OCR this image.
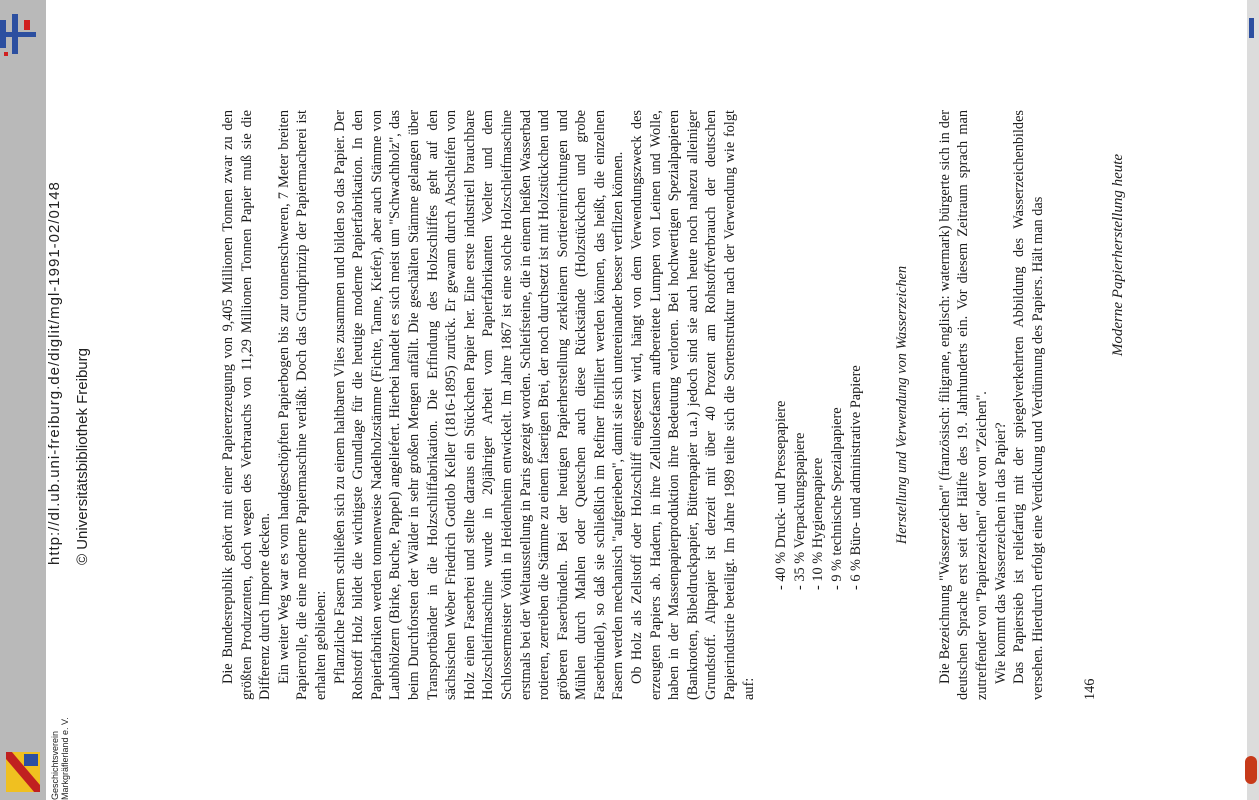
http://dl.ub.uni-freiburg.de/diglit/mgl-1991-02/0148 © Universitätsbibliothek Freiburg
Geschichtsverein Markgräflerland e. V.
Moderne Papierherstellung heute

Die Bundesrepublik gehört mit einer Papiererzeugung von 9,405 Millionen Tonnen zwar zu den größten Produzenten, doch wegen des Verbrauchs von 11,29 Millionen Tonnen Papier muß sie die Differenz durch Importe decken. Ein weiter Weg war es vom handgeschöpften Papierbogen bis zur tonnenschweren, 7 Meter breiten Papierrolle, die eine moderne Papiermaschine verläßt. Doch das Grundprinzip der Papiermacherei ist erhalten geblieben: Pflanzliche Fasern schließen sich zu einem haltbaren Vlies zusammen und bilden so das Papier. Der Rohstoff Holz bildet die wichtigste Grundlage für die heutige moderne Papierfabrikation. In den Papierfabriken werden tonnenweise Nadelholzstämme (Fichte, Tanne, Kiefer), aber auch Stämme von Laubhölzern (Birke, Buche, Pappel) angeliefert. Hierbei handelt es sich meist um "Schwachholz", das beim Durchforsten der Wälder in sehr großen Mengen anfällt. Die geschälten Stämme gelangen über Transportbänder in die Holzschliffabrikation. Die Erfindung des Holzschliffes geht auf den sächsischen Weber Friedrich Gottlob Keller (1816-1895) zurück. Er gewann durch Abschleifen von Holz einen Faserbrei und stellte daraus ein Stückchen Papier her. Eine erste industriell brauchbare Holzschleifmaschine wurde in 20jähriger Arbeit vom Papierfabrikanten Voelter und dem Schlossermeister Voith in Heidenheim entwickelt. Im Jahre 1867 ist eine solche Holzschleifmaschine erstmals bei der Weltausstellung in Paris gezeigt worden. Schleifsteine, die in einem heißen Wasserbad rotieren, zerreiben die Stämme zu einem faserigen Brei, der noch durchsetzt ist mit Holzstückchen und gröberen Faserbündeln. Bei der heutigen Papierherstellung zerkleinern Sortiereinrichtungen und Mühlen durch Mahlen oder Quetschen auch diese Rückstände (Holzstückchen und grobe Faserbündel), so daß sie schließlich im Refiner fibrilliert werden können, das heißt, die einzelnen Fasern werden mechanisch "aufgerieben", damit sie sich untereinander besser verfilzen können. Ob Holz als Zellstoff oder Holzschliff eingesetzt wird, hängt von dem Verwendungszweck des erzeugten Papiers ab. Hadern, in ihre Zellulosefasern aufbereitete Lumpen von Leinen und Wolle, haben in der Massenpapierproduktion ihre Bedeutung verloren. Bei hochwertigen Spezialpapieren (Banknoten, Bibeldruckpapier, Büttenpapier u.a.) jedoch sind sie auch heute noch nahezu alleiniger Grundstoff. Altpapier ist derzeit mit über 40 Prozent am Rohstoffverbrauch der deutschen Papierindustrie beteiligt. Im Jahre 1989 teilte sich die Sortenstruktur nach der Verwendung wie folgt auf:

- 40 % Druck- und Pressepapiere - 35 % Verpackungspapiere - 10 % Hygienepapiere - 9 % technische Spezialpapiere - 6 % Büro- und administrative Papiere Herstellung und Verwendung von Wasserzeichen Die Bezeichnung "Wasserzeichen" (französisch: filigrane, englisch: watermark) bürgerte sich in der deutschen Sprache erst seit der Hälfte des 19. Jahrhunderts ein. Vor diesem Zeitraum sprach man zutreffender von "Papierzeichen" oder von "Zeichen". Wie kommt das Wasserzeichen in das Papier? Das Papiersieb ist reliefartig mit der spiegelverkehrten Abbildung des Wasserzeichenbildes versehen. Hierdurch erfolgt eine Verdickung und Verdünnung des Papiers. Hält man das	146
